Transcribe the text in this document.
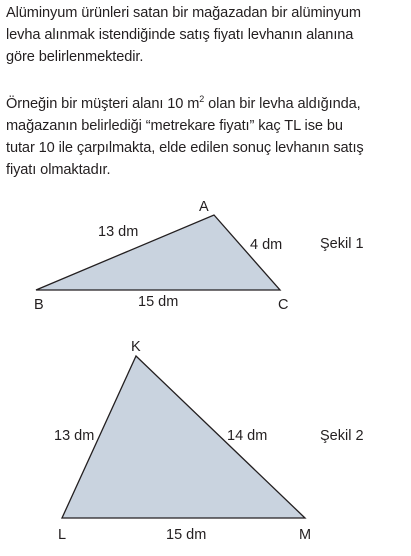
Alüminyum ürünleri satan bir mağazadan bir alüminyum
levha alınmak istendiğinde satış fiyatı levhanın alanına
göre belirlenmektedir.
Örneğin bir müşteri alanı 10 $m^2$ olan bir levha aldığında,
mağazanın belirlediği “metrekare fiyatı” kaç TL ise bu
tutar 10 ile çarpılmakta, elde edilen sonuç levhanın satış
fiyatı olmaktadır.
A
B	C
13 dm
4 dm
15 dm
Şekil 1
K
L	M
13 dm	14 dm
15 dm
Şekil 2
